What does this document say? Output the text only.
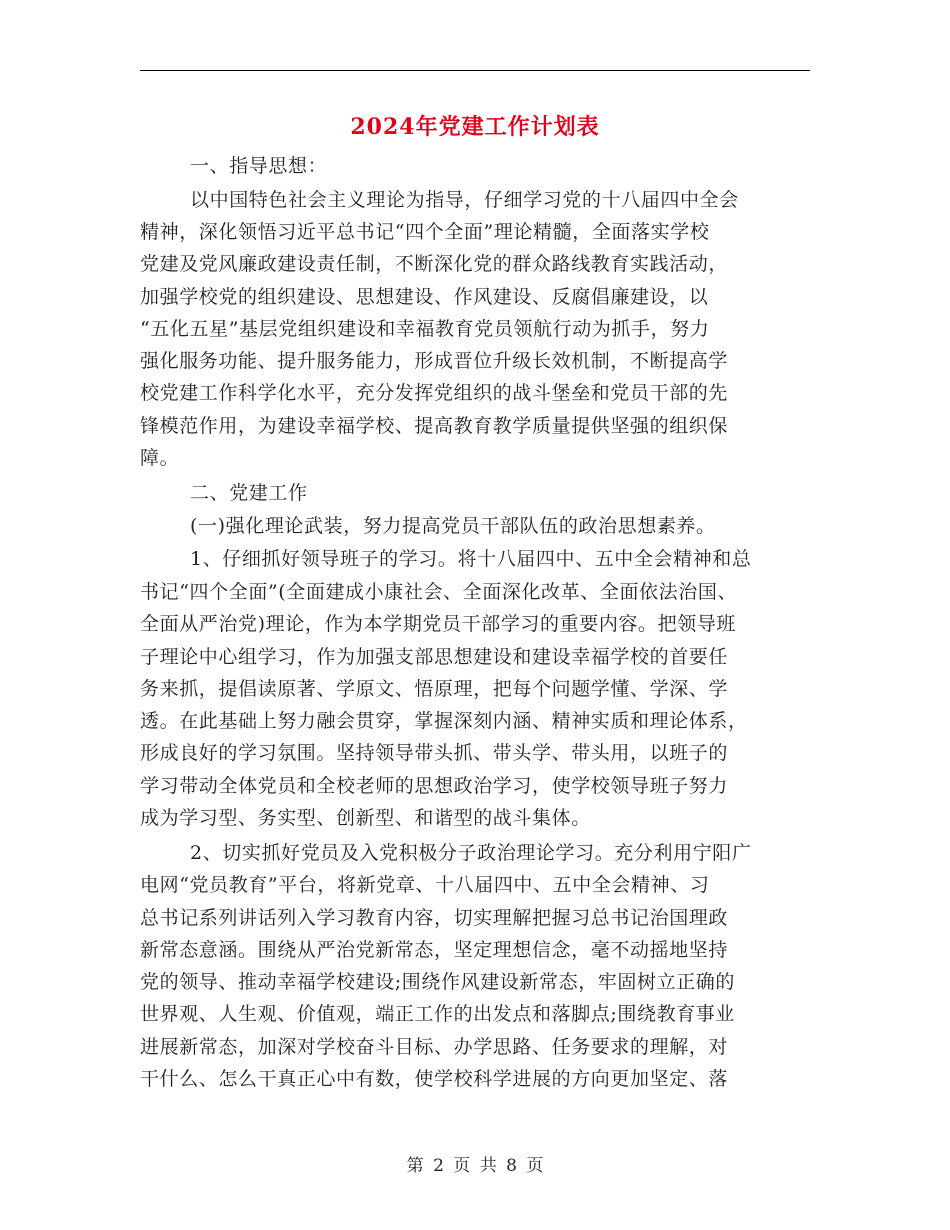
2024年党建工作计划表
一、指导思想：
以中国特色社会主义理论为指导，仔细学习党的十八届四中全会
精神，深化领悟习近平总书记“四个全面”理论精髓，全面落实学校
党建及党风廉政建设责任制，不断深化党的群众路线教育实践活动，
加强学校党的组织建设、思想建设、作风建设、反腐倡廉建设，以
“五化五星”基层党组织建设和幸福教育党员领航行动为抓手，努力
强化服务功能、提升服务能力，形成晋位升级长效机制，不断提高学
校党建工作科学化水平，充分发挥党组织的战斗堡垒和党员干部的先
锋模范作用，为建设幸福学校、提高教育教学质量提供坚强的组织保
障。
二、党建工作
(一)强化理论武装，努力提高党员干部队伍的政治思想素养。
1、仔细抓好领导班子的学习。将十八届四中、五中全会精神和总
书记“四个全面”(全面建成小康社会、全面深化改革、全面依法治国、
全面从严治党)理论，作为本学期党员干部学习的重要内容。把领导班
子理论中心组学习，作为加强支部思想建设和建设幸福学校的首要任
务来抓，提倡读原著、学原文、悟原理，把每个问题学懂、学深、学
透。在此基础上努力融会贯穿，掌握深刻内涵、精神实质和理论体系，
形成良好的学习氛围。坚持领导带头抓、带头学、带头用，以班子的
学习带动全体党员和全校老师的思想政治学习，使学校领导班子努力
成为学习型、务实型、创新型、和谐型的战斗集体。
2、切实抓好党员及入党积极分子政治理论学习。充分利用宁阳广
电网“党员教育”平台，将新党章、十八届四中、五中全会精神、习
总书记系列讲话列入学习教育内容，切实理解把握习总书记治国理政
新常态意涵。围绕从严治党新常态，坚定理想信念，毫不动摇地坚持
党的领导、推动幸福学校建设;围绕作风建设新常态，牢固树立正确的
世界观、人生观、价值观，端正工作的出发点和落脚点;围绕教育事业
进展新常态，加深对学校奋斗目标、办学思路、任务要求的理解，对
干什么、怎么干真正心中有数，使学校科学进展的方向更加坚定、落
第 2 页 共 8 页
